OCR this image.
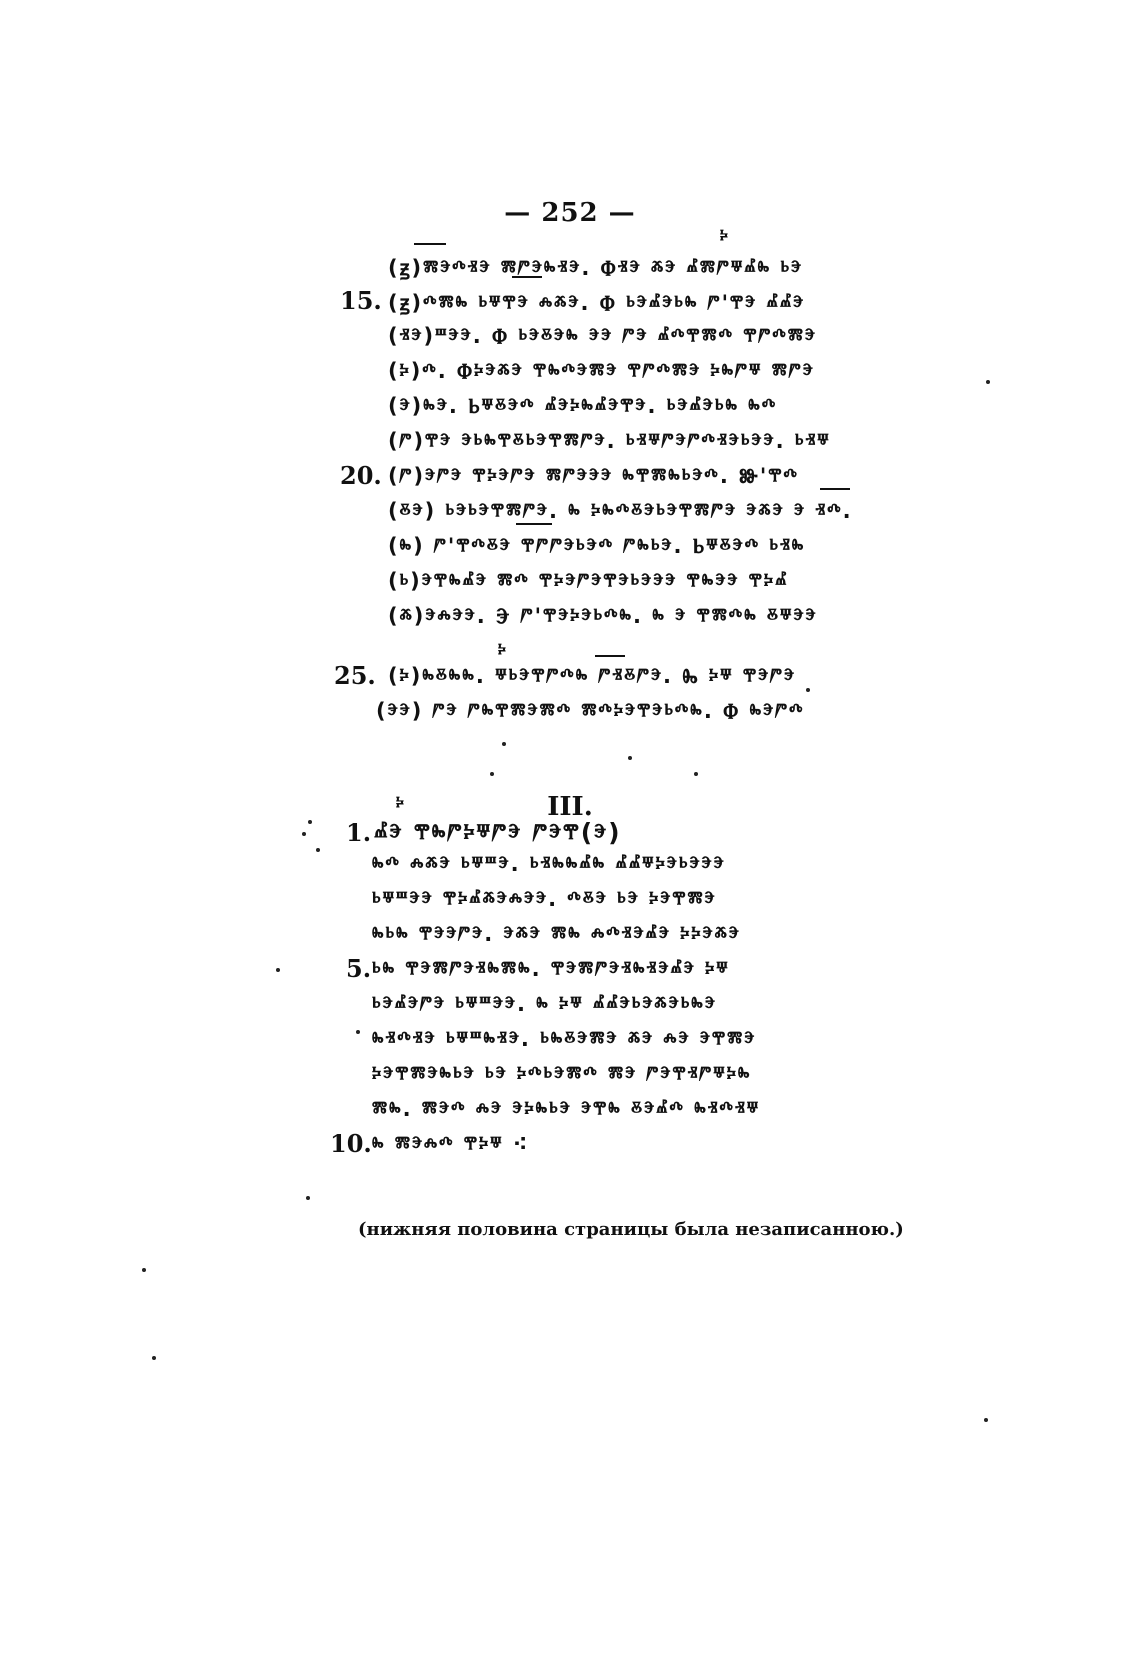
— 252 —
ⰽ
ⰽ
ⰽ
(ꙃ)ⰿⰵⰴⱐⰵ ⰿⱓⰵⰸⱐⰵ. Ⱇⱐⰵ ⰶⰵ ⰼⰿⱓⱋⰼⰸ ⱃⰵ
15. (ꙃ)ⰴⰿⰸ ⱃⱋⰹⰵ ⰾⰶⰵ. Ⱇ ⱃⰵⰼⰵⱃⰸ ⱓ'ⰹⰵ ⰼⰼⰵ
(ⱐⰵ)ⱎⰵⰵ. Ⱇ ⱃⰵⰻⰵⰸ ⰵⰵ ⱓⰵ ⰼⰴⰹⰿⰴ ⰹⱓⰴⰿⰵ
(ⰽ)ⰴ. Ⱇⰽⰵⰶⰵ ⰹⰸⰴⰵⰿⰵ ⰹⱓⰴⰿⰵ ⰽⰸⱓⱋ ⰿⱓⰵ
(ⰵ)ⰸⰵ. Ⱃⱋⰻⰵⰴ ⰼⰵⰽⰸⰼⰵⰹⰵ. ⱃⰵⰼⰵⱃⰸ ⰸⰴ
(ⱓ)ⰹⰵ ⰵⱃⰸⰹⰻⱃⰵⰹⰿⱓⰵ. ⱃⱐⱋⱓⰵⱓⰴⱐⰵⱃⰵⰵ. ⱃⱐⱋ
20. (ⱓ)ⰵⱓⰵ ⰹⰽⰵⱓⰵ ⰿⱓⰵⰵⰵ ⰸⰹⰿⰸⱃⰵⰴ. Ⱆ'ⰹⰴ
(ⰻⰵ) ⱃⰵⱃⰵⰹⰿⱓⰵ. ⰸ ⰽⰸⰴⰻⰵⱃⰵⰹⰿⱓⰵ ⰵⰶⰵ ⰵ ⱐⰴ.
(ⰸ) ⱓ'ⰹⰴⰻⰵ ⰹⱓⱓⰵⱃⰵⰴ ⱓⰸⱃⰵ. Ⱃⱋⰻⰵⰴ ⱃⱐⰸ
(ⱃ)ⰵⰹⰸⰼⰵ ⰿⰴ ⰹⰽⰵⱓⰵⰹⰵⱃⰵⰵⰵ ⰹⰸⰵⰵ ⰹⰽⰼ
(ⰶ)ⰵⰾⰵⰵ. Ⰵ ⱓ'ⰹⰵⰽⰵⱃⰴⰸ. ⰸ ⰵ ⰹⰿⰴⰸ ⰻⱋⰵⰵ
25. (ⰽ)ⰸⰻⰸⰸ. ⱋⱃⰵⰹⱓⰴⰸ ⱓⱐⰻⱓⰵ. Ⰸ ⰽⱋ ⰹⰵⱓⰵ
(ⰵⰵ) ⱓⰵ ⱓⰸⰹⰿⰵⰿⰴ ⰿⰴⰽⰵⰹⰵⱃⰴⰸ. Ⱇ ⰸⰵⱓⰴ
III.
1. ⰼⰵ ⰹⰸⱓⰽⱋⱓⰵ ⱓⰵⰹ(ⰵ)
ⰸⰴ ⰾⰶⰵ ⱃⱋⱎⰵ. ⱃⱐⰸⰸⰼⰸ ⰼⰼⱋⰽⰵⱃⰵⰵⰵ
ⱃⱋⱎⰵⰵ ⰹⰽⰼⰶⰵⰾⰵⰵ. ⰴⰻⰵ ⱃⰵ ⰽⰵⰹⰿⰵ
ⰸⱃⰸ ⰹⰵⰵⱓⰵ. ⰵⰶⰵ ⰿⰸ ⰾⰴⱐⰵⰼⰵ ⰽⰽⰵⰶⰵ
5. ⱃⰸ ⰹⰵⰿⱓⰵⱐⰸⰿⰸ. ⰹⰵⰿⱓⰵⱐⰸⱐⰵⰼⰵ ⰽⱋ
ⱃⰵⰼⰵⱓⰵ ⱃⱋⱎⰵⰵ. ⰸ ⰽⱋ ⰼⰼⰵⱃⰵⰶⰵⱃⰸⰵ
ⰸⱐⰴⱐⰵ ⱃⱋⱎⰸⱐⰵ. ⱃⰸⰻⰵⰿⰵ ⰶⰵ ⰾⰵ ⰵⰹⰿⰵ
ⰽⰵⰹⰿⰵⰸⱃⰵ ⱃⰵ ⰽⰴⱃⰵⰿⰴ ⰿⰵ ⱓⰵⰹⱐⱓⱋⰽⰸ
ⰿⰸ. ⰿⰵⰴ ⰾⰵ ⰵⰽⰸⱃⰵ ⰵⰹⰸ ⰻⰵⰼⰴ ⰸⱐⰴⱐⱋ
10. ⰸ ⰿⰵⰾⰴ ⰹⰽⱋ ⁖
(нижняя половина страницы была незаписанною.)
